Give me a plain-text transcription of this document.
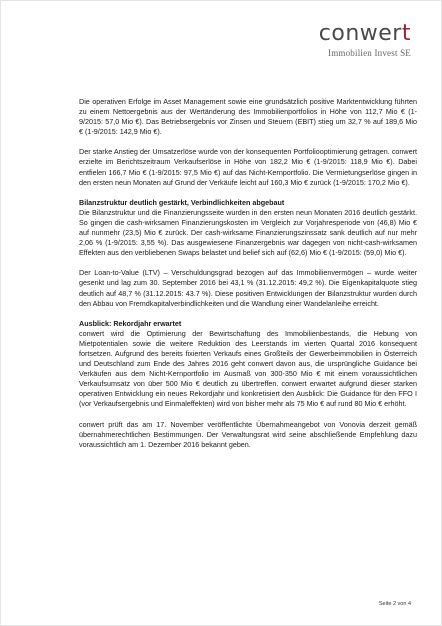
conwert
Immobilien Invest SE

Die operativen Erfolge im Asset Management sowie eine grundsätzlich positive Marktentwicklung führten zu einem Nettoergebnis aus der Wertänderung des Immobilienportfolios in Höhe von 112,7 Mio € (1-9/2015: 57,0 Mio €). Das Betriebsergebnis vor Zinsen und Steuern (EBIT) stieg um 32,7 % auf 189,6 Mio € (1-9/2015: 142,9 Mio €).

Der starke Anstieg der Umsatzerlöse wurde von der konsequenten Portfoliooptimierung getragen. conwert erzielte im Berichtszeitraum Verkaufserlöse in Höhe von 182,2 Mio € (1-9/2015: 118,9 Mio €). Dabei entfielen 166,7 Mio € (1-9/2015: 97,5 Mio €) auf das Nicht-Kernportfolio. Die Vermietungserlöse gingen in den ersten neun Monaten auf Grund der Verkäufe leicht auf 160,3 Mio € zurück (1-9/2015: 170,2 Mio €).

Bilanzstruktur deutlich gestärkt, Verbindlichkeiten abgebaut

Die Bilanzstruktur und die Finanzierungsseite wurden in den ersten neun Monaten 2016 deutlich gestärkt. So gingen die cash-wirksamen Finanzierungskosten im Vergleich zur Vorjahresperiode von (46,8) Mio € auf nunmehr (23,5) Mio € zurück. Der cash-wirksame Finanzierungszinssatz sank deutlich auf nur mehr 2,06 % (1-9/2015: 3,55 %). Das ausgewiesene Finanzergebnis war dagegen von nicht-cash-wirksamen Effekten aus den verbliebenen Swaps belastet und belief sich auf (62,6) Mio € (1-9/2015: (59,0) Mio €).

Der Loan-to-Value (LTV) – Verschuldungsgrad bezogen auf das Immobilienvermögen – wurde weiter gesenkt und lag zum 30. September 2016 bei 43,1 % (31.12.2015: 49,2 %). Die Eigenkapitalquote stieg deutlich auf 48,7 % (31.12.2015: 43.7 %). Diese positiven Entwicklungen der Bilanzstruktur wurden durch den Abbau von Fremdkapitalverbindlichkeiten und die Wandlung einer Wandelanleihe erreicht.

Ausblick: Rekordjahr erwartet

conwert wird die Optimierung der Bewirtschaftung des Immobilienbestands, die Hebung von Mietpotentialen sowie die weitere Reduktion des Leerstands im vierten Quartal 2016 konsequent fortsetzen. Aufgrund des bereits fixierten Verkaufs eines Großteils der Gewerbeimmobilien in Österreich und Deutschland zum Ende des Jahres 2016 geht conwert davon aus, die ursprüngliche Guidance bei Verkäufen aus dem Nicht-Kernportfolio im Ausmaß von 300-350 Mio € mit einem voraussichtlichen Verkaufsumsatz von über 500 Mio € deutlich zu übertreffen. conwert erwartet aufgrund dieser starken operativen Entwicklung ein neues Rekordjahr und konkretisiert den Ausblick: Die Guidance für den FFO I (vor Verkaufsergebnis und Einmaleffekten) wird von bisher mehr als 75 Mio € auf rund 80 Mio € erhöht.

conwert prüft das am 17. November veröffentlichte Übernahmeangebot von Vonovia derzeit gemäß übernahmerechtlichen Bestimmungen. Der Verwaltungsrat wird seine abschließende Empfehlung dazu voraussichtlich am 1. Dezember 2016 bekannt geben.

Seite 2 von 4
